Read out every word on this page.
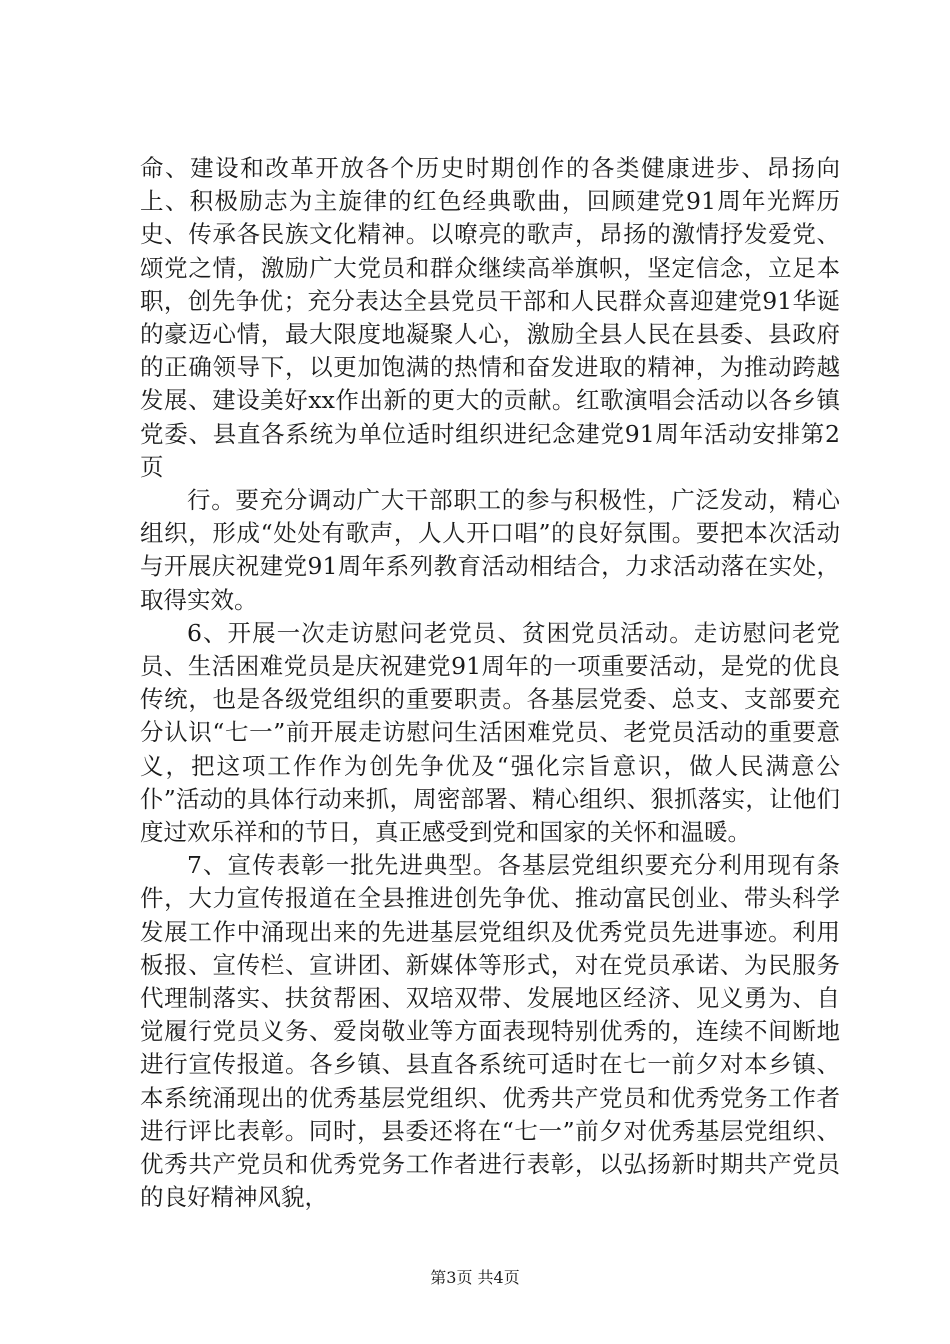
命、建设和改革开放各个历史时期创作的各类健康进步、昂扬向上、积极励志为主旋律的红色经典歌曲，回顾建党91周年光辉历史、传承各民族文化精神。以嘹亮的歌声，昂扬的激情抒发爱党、颂党之情，激励广大党员和群众继续高举旗帜，坚定信念，立足本职，创先争优；充分表达全县党员干部和人民群众喜迎建党91华诞的豪迈心情，最大限度地凝聚人心，激励全县人民在县委、县政府的正确领导下，以更加饱满的热情和奋发进取的精神，为推动跨越发展、建设美好xx作出新的更大的贡献。红歌演唱会活动以各乡镇党委、县直各系统为单位适时组织进纪念建党91周年活动安排第2页

行。要充分调动广大干部职工的参与积极性，广泛发动，精心组织，形成“处处有歌声，人人开口唱”的良好氛围。要把本次活动与开展庆祝建党91周年系列教育活动相结合，力求活动落在实处，取得实效。

6、开展一次走访慰问老党员、贫困党员活动。走访慰问老党员、生活困难党员是庆祝建党91周年的一项重要活动，是党的优良传统，也是各级党组织的重要职责。各基层党委、总支、支部要充分认识“七一”前开展走访慰问生活困难党员、老党员活动的重要意义，把这项工作作为创先争优及“强化宗旨意识，做人民满意公仆”活动的具体行动来抓，周密部署、精心组织、狠抓落实，让他们度过欢乐祥和的节日，真正感受到党和国家的关怀和温暖。

7、宣传表彰一批先进典型。各基层党组织要充分利用现有条件，大力宣传报道在全县推进创先争优、推动富民创业、带头科学发展工作中涌现出来的先进基层党组织及优秀党员先进事迹。利用板报、宣传栏、宣讲团、新媒体等形式，对在党员承诺、为民服务代理制落实、扶贫帮困、双培双带、发展地区经济、见义勇为、自觉履行党员义务、爱岗敬业等方面表现特别优秀的，连续不间断地进行宣传报道。各乡镇、县直各系统可适时在七一前夕对本乡镇、本系统涌现出的优秀基层党组织、优秀共产党员和优秀党务工作者进行评比表彰。同时，县委还将在“七一”前夕对优秀基层党组织、优秀共产党员和优秀党务工作者进行表彰，以弘扬新时期共产党员的良好精神风貌，

第3页 共4页
